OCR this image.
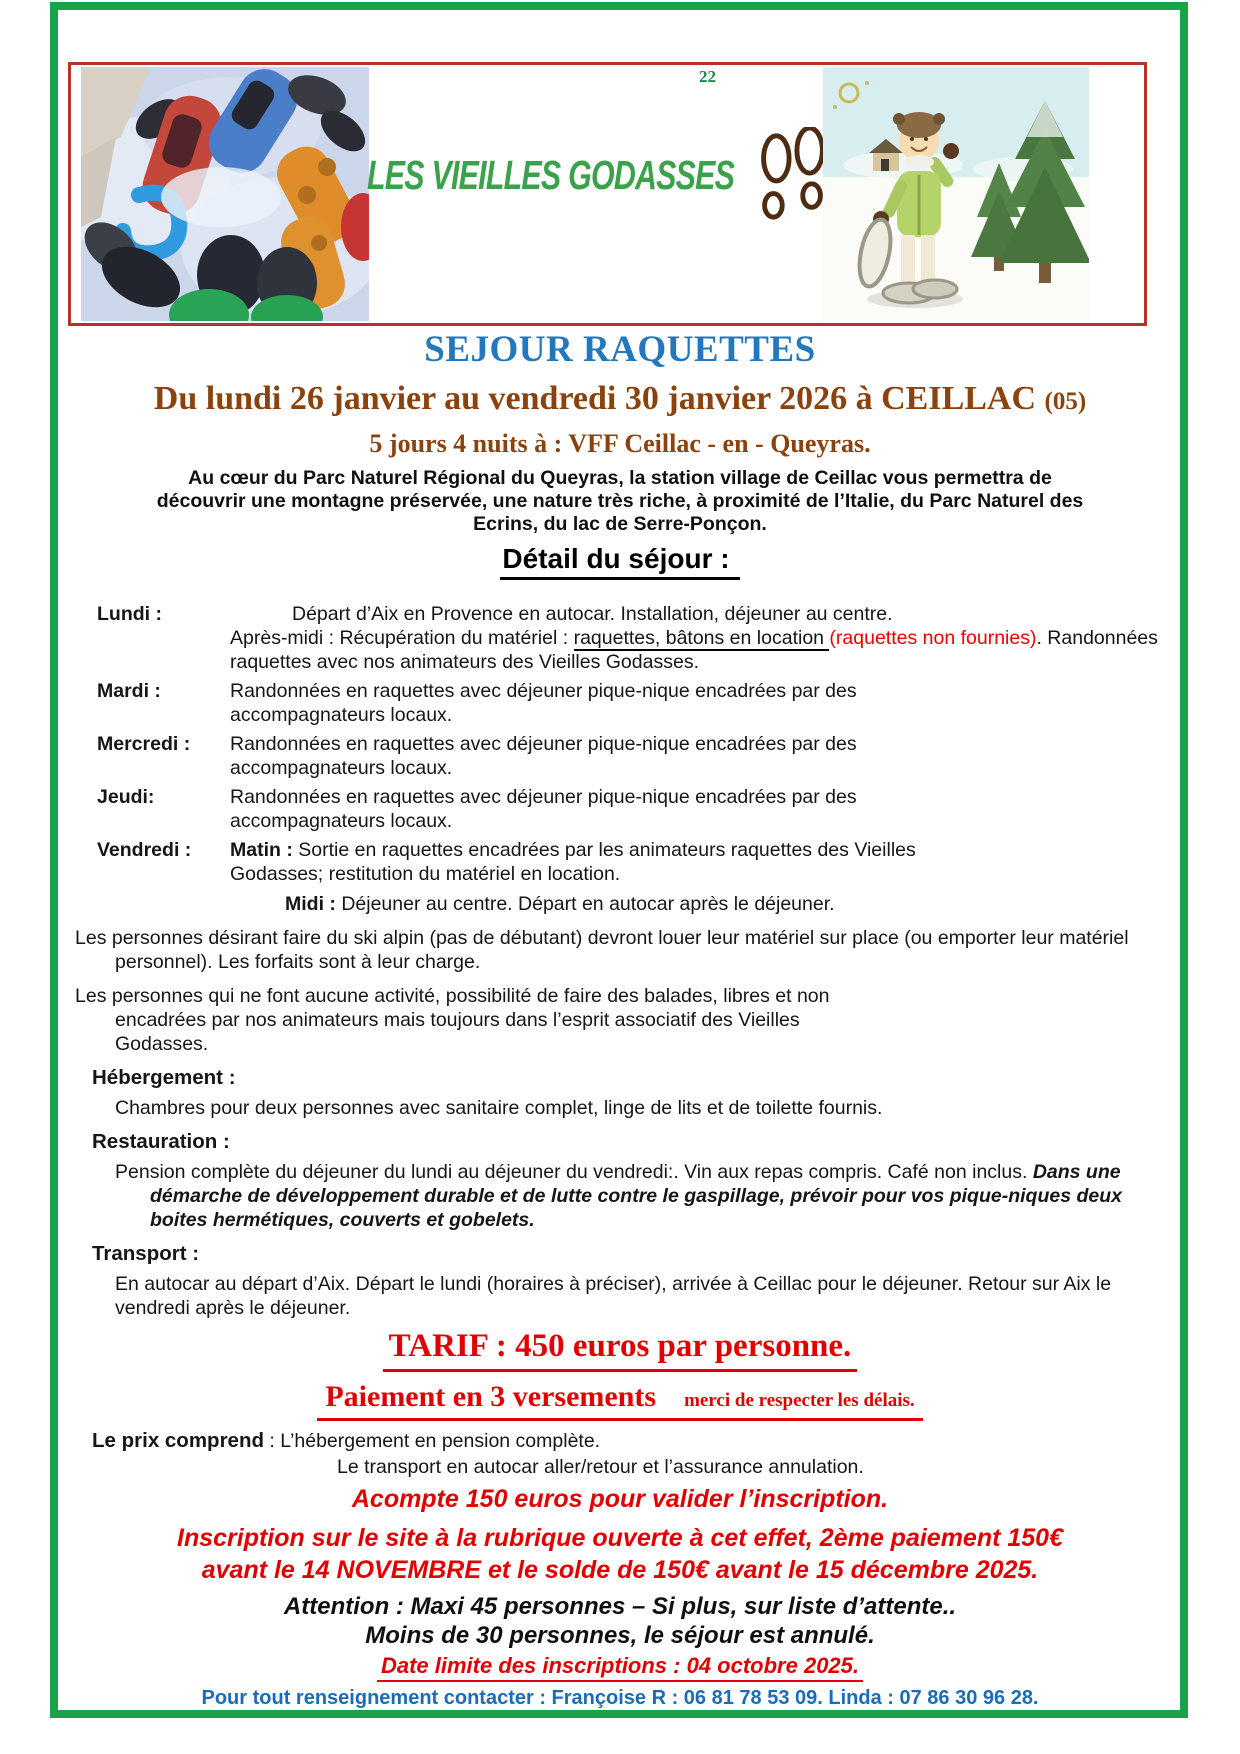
22
LES VIEILLES GODASSES
SEJOUR RAQUETTES
Du lundi 26 janvier au vendredi 30 janvier 2026 à CEILLAC (05)
5 jours 4 nuits à : VFF Ceillac - en - Queyras.
Au cœur du Parc Naturel Régional du Queyras, la station village de Ceillac vous permettra de découvrir une montagne préservée, une nature très riche, à proximité de l’Italie, du Parc Naturel des Ecrins, du lac de Serre-Ponçon.
Détail du séjour :
Lundi :	Départ d’Aix en Provence en autocar. Installation, déjeuner au centre.
Après-midi : Récupération du matériel : raquettes, bâtons en location (raquettes non fournies). Randonnées raquettes avec nos animateurs des Vieilles Godasses.
Mardi :	Randonnées en raquettes avec déjeuner pique-nique encadrées par des accompagnateurs locaux.
Mercredi :	Randonnées en raquettes avec déjeuner pique-nique encadrées par des accompagnateurs locaux.
Jeudi:	Randonnées en raquettes avec déjeuner pique-nique encadrées par des accompagnateurs locaux.
Vendredi :	Matin : Sortie en raquettes encadrées par les animateurs raquettes des Vieilles Godasses; restitution du matériel en location.
Midi : Déjeuner au centre. Départ en autocar après le déjeuner.
Les personnes désirant faire du ski alpin (pas de débutant) devront louer leur matériel sur place (ou emporter leur matériel personnel). Les forfaits sont à leur charge.
Les personnes qui ne font aucune activité, possibilité de faire des balades, libres et non encadrées par nos animateurs mais toujours dans l’esprit associatif des Vieilles Godasses.
Hébergement :
Chambres pour deux personnes avec sanitaire complet, linge de lits et de toilette fournis.
Restauration :
Pension complète du déjeuner du lundi au déjeuner du vendredi:. Vin aux repas compris. Café non inclus. Dans une démarche de développement durable et de lutte contre le gaspillage, prévoir pour vos pique-niques deux boites hermétiques, couverts et gobelets.
Transport :
En autocar au départ d’Aix. Départ le lundi (horaires à préciser), arrivée à Ceillac pour le déjeuner. Retour sur Aix le vendredi après le déjeuner.
TARIF : 450 euros par personne.
Paiement en 3 versements merci de respecter les délais.
Le prix comprend : L’hébergement en pension complète.
Le transport en autocar aller/retour et l’assurance annulation.
Acompte 150 euros pour valider l’inscription.
Inscription sur le site à la rubrique ouverte à cet effet, 2ème paiement 150€
avant le 14 NOVEMBRE et le solde de 150€ avant le 15 décembre 2025.
Attention : Maxi 45 personnes – Si plus, sur liste d’attente..
Moins de 30 personnes, le séjour est annulé.
Date limite des inscriptions : 04 octobre 2025.
Pour tout renseignement contacter : Françoise R : 06 81 78 53 09. Linda : 07 86 30 96 28.
